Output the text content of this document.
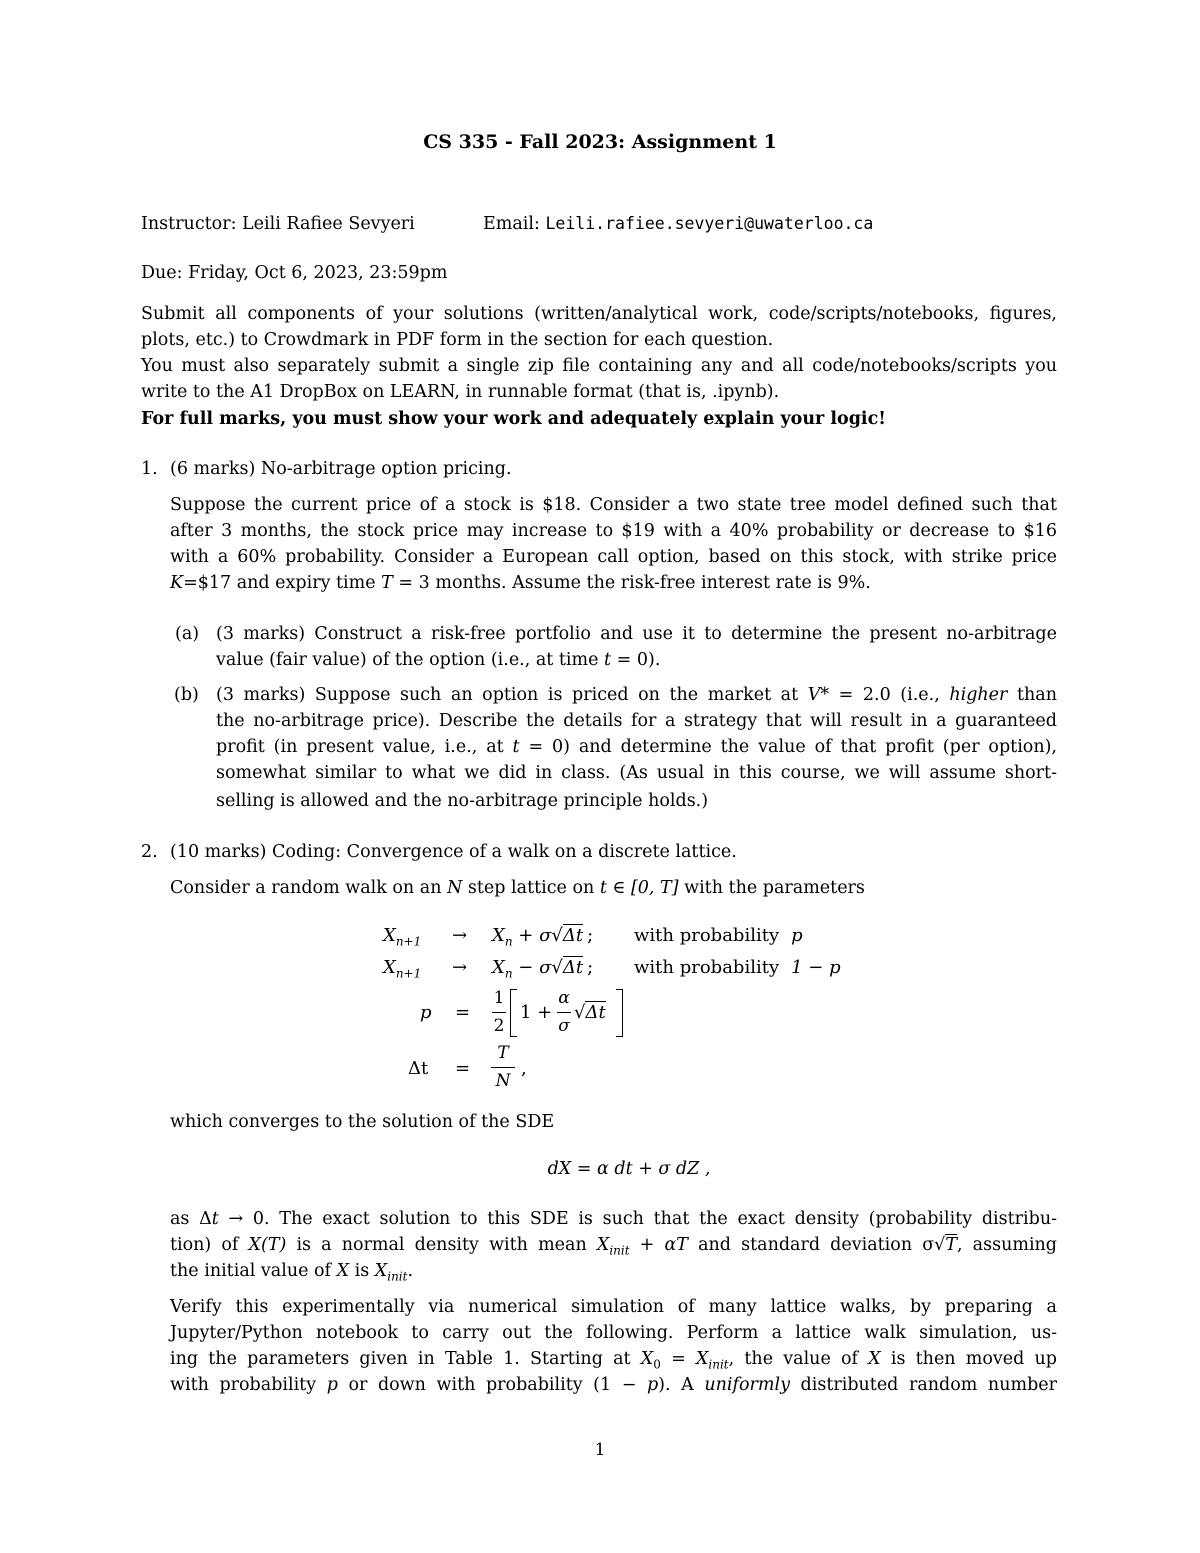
CS 335 - Fall 2023: Assignment 1
Instructor: Leili Rafiee Sevyeri	Email: Leili.rafiee.sevyeri@uwaterloo.ca
Due: Friday, Oct 6, 2023, 23:59pm
Submit all components of your solutions (written/analytical work, code/scripts/notebooks, figures,
plots, etc.) to Crowdmark in PDF form in the section for each question.
You must also separately submit a single zip file containing any and all code/notebooks/scripts you
write to the A1 DropBox on LEARN, in runnable format (that is, .ipynb).
For full marks, you must show your work and adequately explain your logic!
1. (6 marks) No-arbitrage option pricing.
Suppose the current price of a stock is $18. Consider a two state tree model defined such that
after 3 months, the stock price may increase to $19 with a 40% probability or decrease to $16
with a 60% probability. Consider a European call option, based on this stock, with strike price
K=$17 and expiry time T = 3 months. Assume the risk-free interest rate is 9%.
(a) (3 marks) Construct a risk-free portfolio and use it to determine the present no-arbitrage
value (fair value) of the option (i.e., at time t = 0).
(b) (3 marks) Suppose such an option is priced on the market at V* = 2.0 (i.e., higher than
the no-arbitrage price). Describe the details for a strategy that will result in a guaranteed
profit (in present value, i.e., at t = 0) and determine the value of that profit (per option),
somewhat similar to what we did in class. (As usual in this course, we will assume short-
selling is allowed and the no-arbitrage principle holds.)
2. (10 marks) Coding: Convergence of a walk on a discrete lattice.
Consider a random walk on an N step lattice on t ∈ [0, T] with the parameters
$X_{n+1} \to X_n + \sigma√\Delta t$ ; with probability p
$X_{n+1} \to X_n - \sigma√\Delta t$ ; with probability 1 − p
p =
1
2
1 +
α
σ
√Δt
Δt =
T
N
,
which converges to the solution of the SDE
dX = α dt + σ dZ ,
as Δt → 0. The exact solution to this SDE is such that the exact density (probability distribu-
tion) of X(T) is a normal density with mean $X_{init} + \alpha T$ and standard deviation σ√T, assuming
the initial value of X is $X_{init}$.
Verify this experimentally via numerical simulation of many lattice walks, by preparing a
Jupyter/Python notebook to carry out the following. Perform a lattice walk simulation, us-
ing the parameters given in Table 1. Starting at $X_0 = X_{init}$, the value of X is then moved up
with probability p or down with probability (1 − p). A uniformly distributed random number
1
